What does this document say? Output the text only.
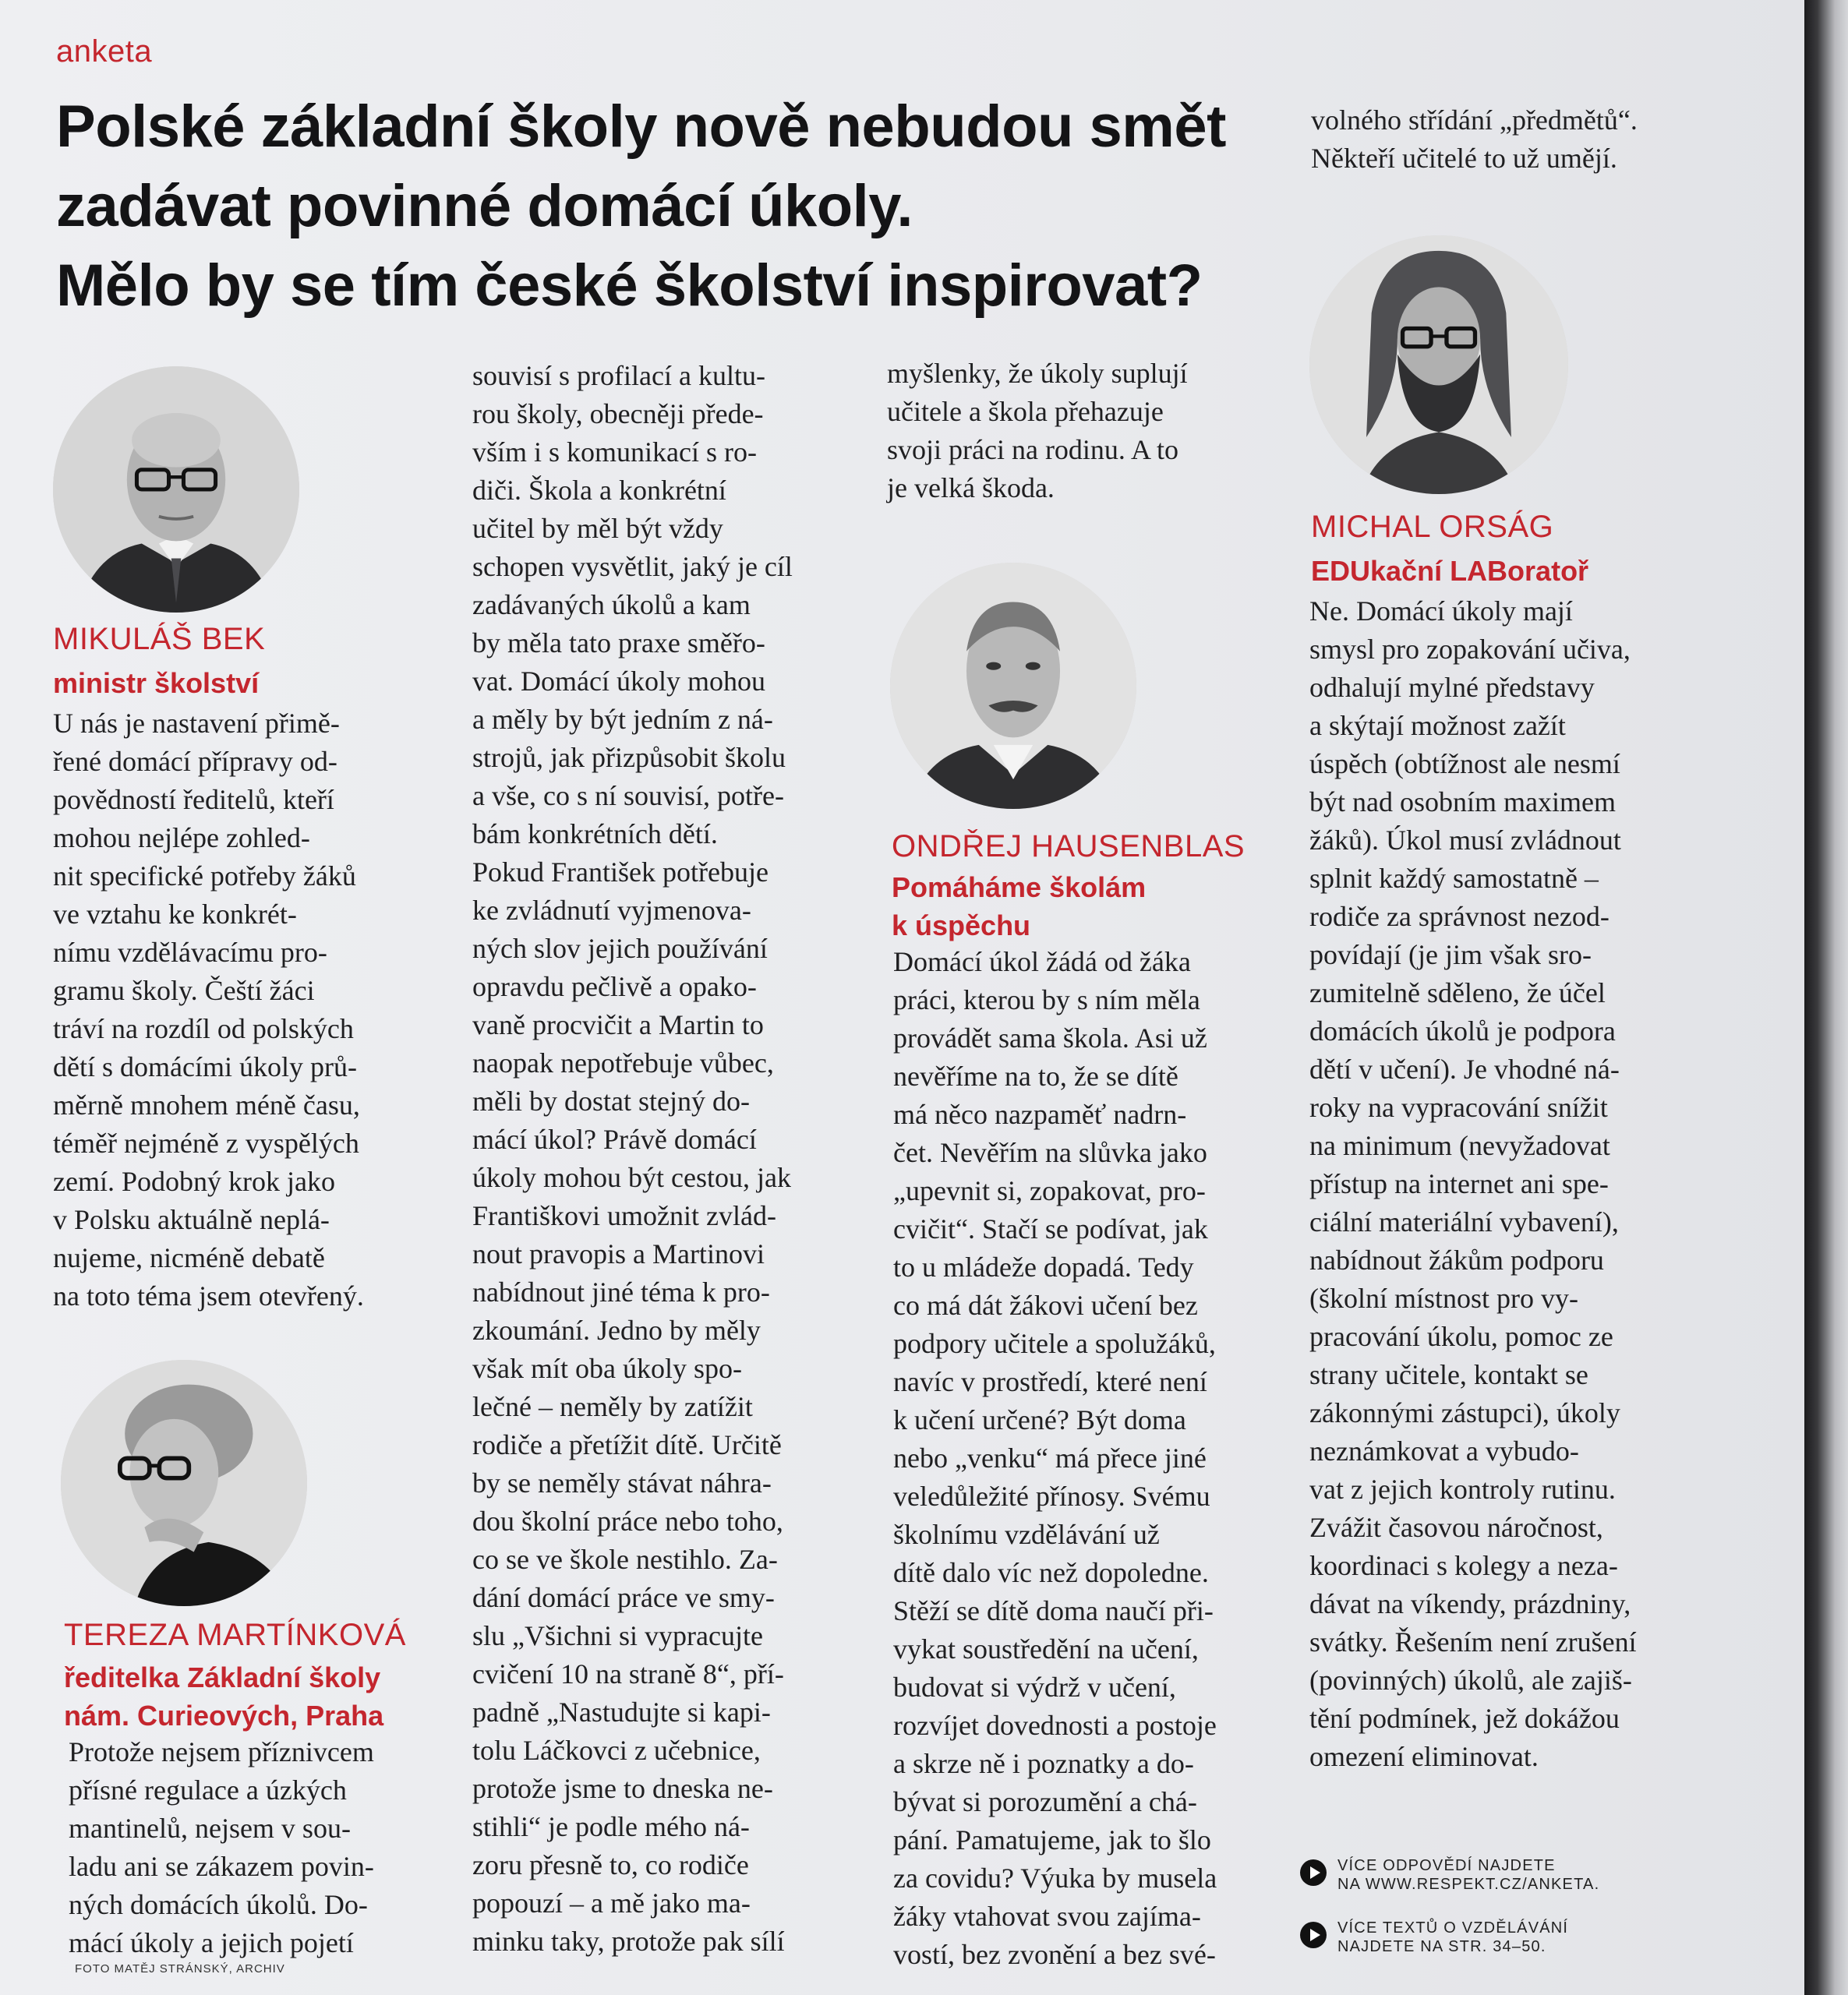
anketa
Polské základní školy nově nebudou smět
zadávat povinné domácí úkoly.
Mělo by se tím české školství inspirovat?
MIKULÁŠ BEK
ministr školství
U nás je nastavení přimě-
řené domácí přípravy od-
povědností ředitelů, kteří
mohou nejlépe zohled-
nit specifické potřeby žáků
ve vztahu ke konkrét-
nímu vzdělávacímu pro-
gramu školy. Čeští žáci
tráví na rozdíl od polských
dětí s domácími úkoly prů-
měrně mnohem méně času,
téměř nejméně z vyspělých
zemí. Podobný krok jako
v Polsku aktuálně neplá-
nujeme, nicméně debatě
na toto téma jsem otevřený.
TEREZA MARTÍNKOVÁ
ředitelka Základní školy
nám. Curieových, Praha
Protože nejsem příznivcem
přísné regulace a úzkých
mantinelů, nejsem v sou-
ladu ani se zákazem povin-
ných domácích úkolů. Do-
mácí úkoly a jejich pojetí
souvisí s profilací a kultu-
rou školy, obecněji přede-
vším i s komunikací s ro-
diči. Škola a konkrétní
učitel by měl být vždy
schopen vysvětlit, jaký je cíl
zadávaných úkolů a kam
by měla tato praxe směřo-
vat. Domácí úkoly mohou
a měly by být jedním z ná-
strojů, jak přizpůsobit školu
a vše, co s ní souvisí, potře-
bám konkrétních dětí.
Pokud František potřebuje
ke zvládnutí vyjmenova-
ných slov jejich používání
opravdu pečlivě a opako-
vaně procvičit a Martin to
naopak nepotřebuje vůbec,
měli by dostat stejný do-
mácí úkol? Právě domácí
úkoly mohou být cestou, jak
Františkovi umožnit zvlád-
nout pravopis a Martinovi
nabídnout jiné téma k pro-
zkoumání. Jedno by měly
však mít oba úkoly spo-
lečné – neměly by zatížit
rodiče a přetížit dítě. Určitě
by se neměly stávat náhra-
dou školní práce nebo toho,
co se ve škole nestihlo. Za-
dání domácí práce ve smy-
slu „Všichni si vypracujte
cvičení 10 na straně 8“, pří-
padně „Nastudujte si kapi-
tolu Láčkovci z učebnice,
protože jsme to dneska ne-
stihli“ je podle mého ná-
zoru přesně to, co rodiče
popouzí – a mě jako ma-
minku taky, protože pak sílí
myšlenky, že úkoly suplují
učitele a škola přehazuje
svoji práci na rodinu. A to
je velká škoda.
ONDŘEJ HAUSENBLAS
Pomáháme školám
k úspěchu
Domácí úkol žádá od žáka
práci, kterou by s ním měla
provádět sama škola. Asi už
nevěříme na to, že se dítě
má něco nazpaměť nadrn-
čet. Nevěřím na slůvka jako
„upevnit si, zopakovat, pro-
cvičit“. Stačí se podívat, jak
to u mládeže dopadá. Tedy
co má dát žákovi učení bez
podpory učitele a spolužáků,
navíc v prostředí, které není
k učení určené? Být doma
nebo „venku“ má přece jiné
veledůležité přínosy. Svému
školnímu vzdělávání už
dítě dalo víc než dopoledne.
Stěží se dítě doma naučí při-
vykat soustředění na učení,
budovat si výdrž v učení,
rozvíjet dovednosti a postoje
a skrze ně i poznatky a do-
bývat si porozumění a chá-
pání. Pamatujeme, jak to šlo
za covidu? Výuka by musela
žáky vtahovat svou zajíma-
vostí, bez zvonění a bez své-
volného střídání „předmětů“.
Někteří učitelé to už umějí.
MICHAL ORSÁG
EDUkační LABoratoř
Ne. Domácí úkoly mají
smysl pro zopakování učiva,
odhalují mylné představy
a skýtají možnost zažít
úspěch (obtížnost ale nesmí
být nad osobním maximem
žáků). Úkol musí zvládnout
splnit každý samostatně –
rodiče za správnost nezod-
povídají (je jim však sro-
zumitelně sděleno, že účel
domácích úkolů je podpora
dětí v učení). Je vhodné ná-
roky na vypracování snížit
na minimum (nevyžadovat
přístup na internet ani spe-
ciální materiální vybavení),
nabídnout žákům podporu
(školní místnost pro vy-
pracování úkolu, pomoc ze
strany učitele, kontakt se
zákonnými zástupci), úkoly
neznámkovat a vybudo-
vat z jejich kontroly rutinu.
Zvážit časovou náročnost,
koordinaci s kolegy a neza-
dávat na víkendy, prázdniny,
svátky. Řešením není zrušení
(povinných) úkolů, ale zajiš-
tění podmínek, jež dokážou
omezení eliminovat.
VÍCE ODPOVĚDÍ NAJDETE
NA WWW.RESPEKT.CZ/ANKETA.
VÍCE TEXTŮ O VZDĚLÁVÁNÍ
NAJDETE NA STR. 34–50.
FOTO MATĚJ STRÁNSKÝ, ARCHIV
